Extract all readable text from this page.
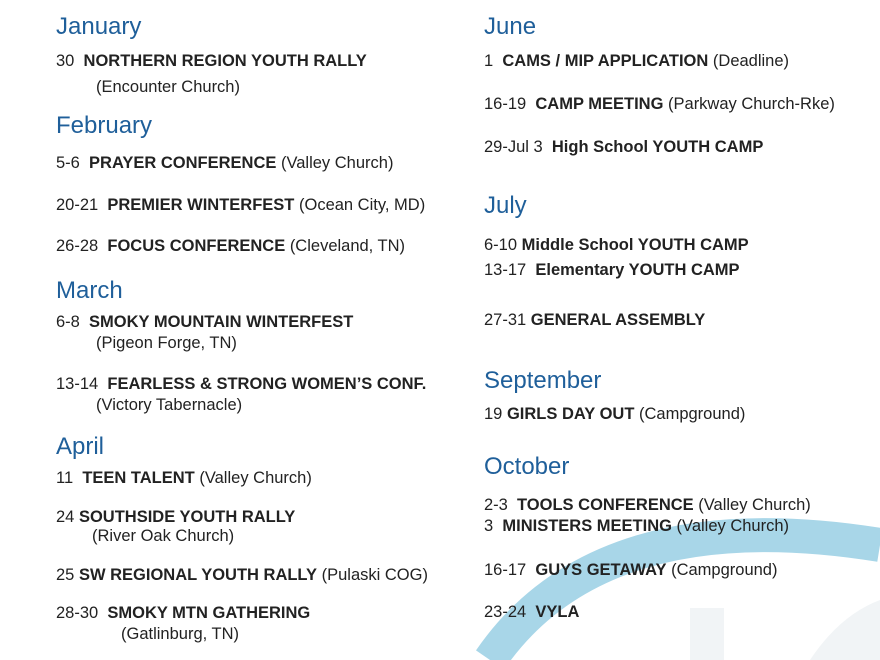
January
30 NORTHERN REGION YOUTH RALLY
(Encounter Church)
February
5-6 PRAYER CONFERENCE (Valley Church)
20-21 PREMIER WINTERFEST (Ocean City, MD)
26-28 FOCUS CONFERENCE (Cleveland, TN)
March
6-8 SMOKY MOUNTAIN WINTERFEST
(Pigeon Forge, TN)
13-14 FEARLESS & STRONG WOMEN’S CONF.
(Victory Tabernacle)
April
11 TEEN TALENT (Valley Church)
24 SOUTHSIDE YOUTH RALLY
(River Oak Church)
25 SW REGIONAL YOUTH RALLY (Pulaski COG)
28-30 SMOKY MTN GATHERING
(Gatlinburg, TN)
June
1 CAMS / MIP APPLICATION (Deadline)
16-19 CAMP MEETING (Parkway Church-Rke)
29-Jul 3 High School YOUTH CAMP
July
6-10 Middle School YOUTH CAMP
13-17 Elementary YOUTH CAMP
27-31 GENERAL ASSEMBLY
September
19 GIRLS DAY OUT (Campground)
October
2-3 TOOLS CONFERENCE (Valley Church)
3 MINISTERS MEETING (Valley Church)
16-17 GUYS GETAWAY (Campground)
23-24 VYLA
